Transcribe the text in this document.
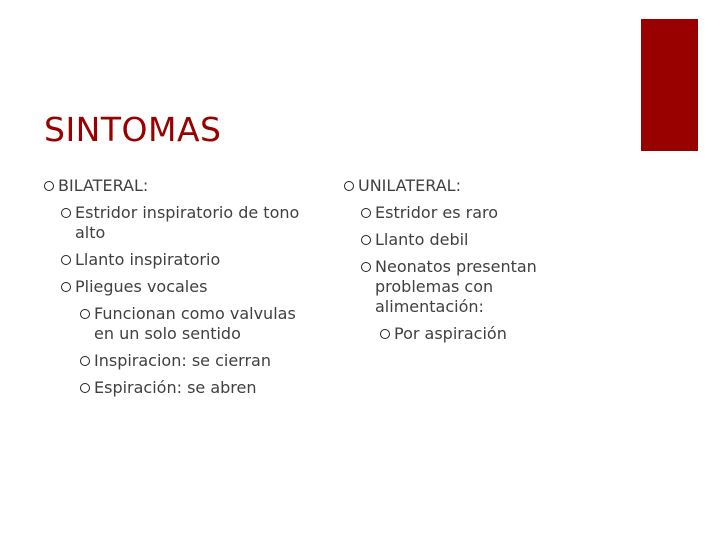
SINTOMAS
BILATERAL:
Estridor inspiratorio de tono alto
Llanto inspiratorio
Pliegues vocales
Funcionan como valvulas en un solo sentido
Inspiracion: se cierran
Espiración: se abren
UNILATERAL:
Estridor es raro
Llanto debil
Neonatos presentan problemas con alimentación:
Por aspiración
